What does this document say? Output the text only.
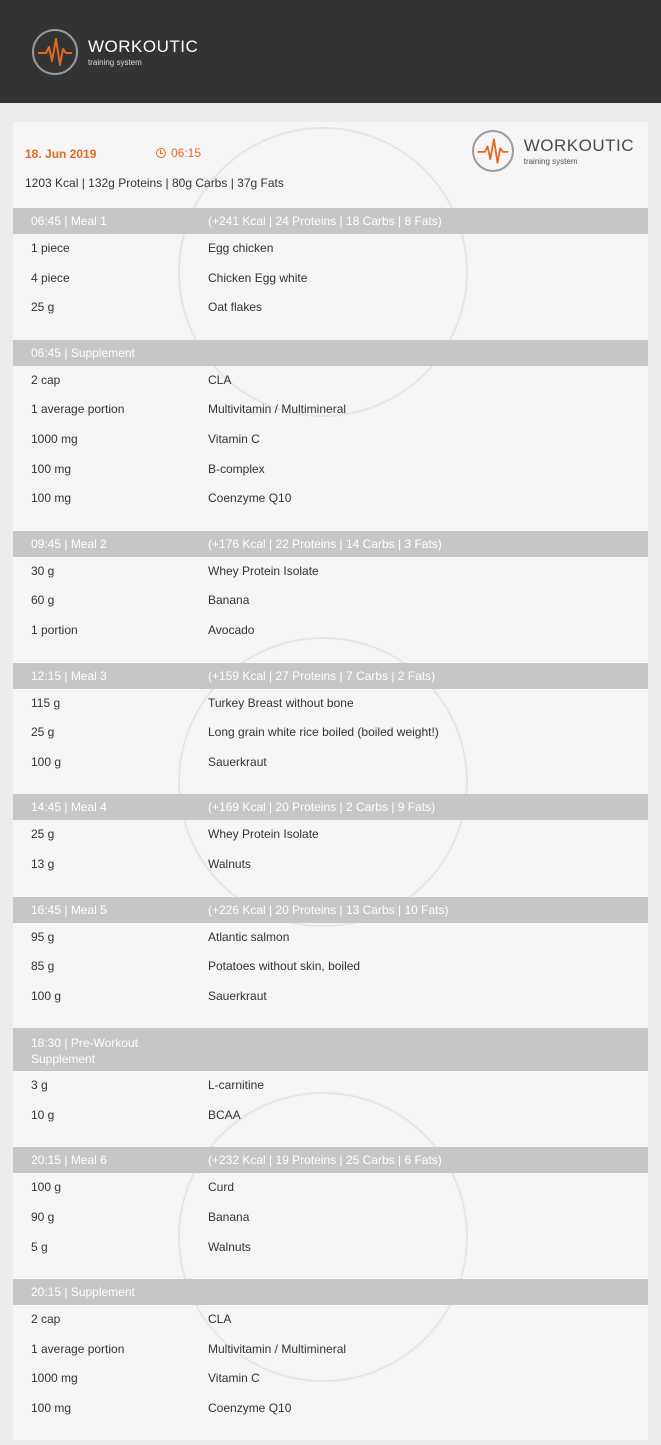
WORKOUTIC
training system
18. Jun 2019	06:15
1203 Kcal | 132g Proteins | 80g Carbs | 37g Fats
WORKOUTIC
training system
06:45 | Meal 1	(+241 Kcal | 24 Proteins | 18 Carbs | 8 Fats)
1 piece	Egg chicken
4 piece	Chicken Egg white
25 g	Oat flakes
06:45 | Supplement
2 cap	CLA
1 average portion	Multivitamin / Multimineral
1000 mg	Vitamin C
100 mg	B-complex
100 mg	Coenzyme Q10
09:45 | Meal 2	(+176 Kcal | 22 Proteins | 14 Carbs | 3 Fats)
30 g	Whey Protein Isolate
60 g	Banana
1 portion	Avocado
12:15 | Meal 3	(+159 Kcal | 27 Proteins | 7 Carbs | 2 Fats)
115 g	Turkey Breast without bone
25 g	Long grain white rice boiled (boiled weight!)
100 g	Sauerkraut
14:45 | Meal 4	(+169 Kcal | 20 Proteins | 2 Carbs | 9 Fats)
25 g	Whey Protein Isolate
13 g	Walnuts
16:45 | Meal 5	(+226 Kcal | 20 Proteins | 13 Carbs | 10 Fats)
95 g	Atlantic salmon
85 g	Potatoes without skin, boiled
100 g	Sauerkraut
18:30 | Pre-Workout Supplement
3 g	L-carnitine
10 g	BCAA
20:15 | Meal 6	(+232 Kcal | 19 Proteins | 25 Carbs | 6 Fats)
100 g	Curd
90 g	Banana
5 g	Walnuts
20:15 | Supplement
2 cap	CLA
1 average portion	Multivitamin / Multimineral
1000 mg	Vitamin C
100 mg	Coenzyme Q10
